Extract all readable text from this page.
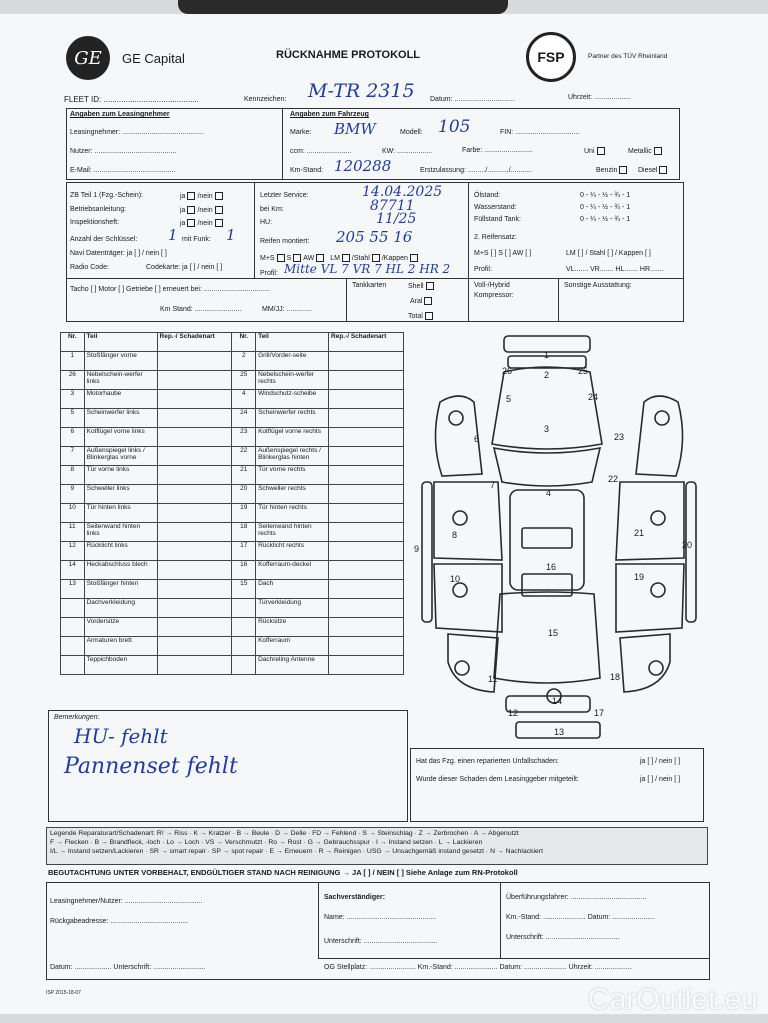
GE	GE Capital	RÜCKNAHME PROTOKOLL	FSP	Partner des TÜV Rheinland
FLEET ID: ...........................................	Kennzeichen: M-TR 2315 Datum: ...............................	Uhrzeit: ...................
Angaben zum Leasingnehmer
Leasingnehmer: ..........................................
Nutzer: ..........................................
E-Mail: ..........................................
Angaben zum Fahrzeug
Marke: BMW	Modell: 105	FIN: .................................
ccm: .......................	KW: ..................	Farbe: .........................	Uni	Metallic
Km-Stand: 120288	Erstzulassung: ........./.........../...........	Benzin	Diesel
ZB Teil 1 (Fzg.-Schein):
Betriebsanleitung:
Inspektionsheft:
ja /nein
ja /nein
ja /nein
Anzahl der Schlüssel: 1 mit Funk: 1
Navi Datenträger: ja [ ] / nein [ ]
Radio Code:	Codekarte: ja [ ] / nein [ ]
Letzter Service:	14.04.2025
bei Km:	87711
HU:	11/25
Reifen montiert: 205 55 16
M+S S AW LM /Stahl /Kappen
Profil: Mitte VL 7 VR 7 HL 2 HR 2
Ölstand:	0 - ¼ - ½ - ¾ - 1
Wasserstand:	0 - ¼ - ½ - ¾ - 1
Füllstand Tank:	0 - ¼ - ½ - ¾ - 1
2. Reifensatz:
M+S [ ] S [ ] AW [ ]	LM [ ] / Stahl [ ] / Kappen [ ]
Profil:	VL....... VR....... HL....... HR.......
Tacho [ ] Motor [ ] Getriebe [ ] erneuert bei: ..................................
Km Stand: ........................	MM/JJ: .............
Tankkarten	Shell
Aral
Total
Voll-/Hybrid
Kompressor:
Sonstige Ausstattung:
Nr.	Teil	Rep.-/ Schadenart	Nr.	Teil	Rep.-/ Schadenart
1	Stoßfänger vorne		2	Grill/Vorder-seite	
26	Nebelschein-werfer links		25	Nebelschein-werfer rechts	
3	Motorhaube		4	Windschutz-scheibe	
5	Scheinwerfer links		24	Scheinwerfer rechts	
6	Kotflügel vorne links		23	Kotflügel vorne rechts	
7	Außenspiegel links / Blinkerglas vorne		22	Außenspiegel rechts / Blinkerglas hinten	
8	Tür vorne links		21	Tür vorne rechts	
9	Schweller links		20	Schweller rechts	
10	Tür hinten links		19	Tür hinten rechts	
11	Seitenwand hinten links		18	Seitenwand hinten rechts	
12	Rücklicht links		17	Rücklicht rechts	
14	Heckabschluss blech		16	Kofferraum-deckel	
13	Stoßfänger hinten		15	Dach	
	Dachverkleidung			Türverkleidung	
	Vordersitze			Rücksitze	
	Armaturen brett			Kofferraum	
	Teppichboden			Dachreling Antenne	
1
26	25
2
5	24
3
6	23
7
22
4
8	21
9	20
16
10	19
15
11	18
12
14
17
13
Bemerkungen:
HU- fehlt
Pannenset fehlt	Hat das Fzg. einen reparierten Unfallschaden:	ja [ ] / nein [ ]
Wurde dieser Schaden dem Leasinggeber mitgeteilt:	ja [ ] / nein [ ]
Legende Reparaturart/Schadenart: R! → Riss · K → Kratzer · B → Beule · D → Delle · FD → Fehlend · S → Steinschlag · Z → Zerbrochen · A → Abgenutzt
F → Flecken · B → Brandfleck, -loch · Lo → Loch · VS → Verschmutzt · Ro → Rost · G → Gebrauchsspur · I → Instand setzen · L → Lackieren
I/L → Instand setzen/Lackieren · SR → smart repair · SP → spot repair · E → Erneuern · R → Reinigen · USG → Unsachgemäß instand gesetzt · N → Nachlackiert
BEGUTACHTUNG UNTER VORBEHALT, ENDGÜLTIGER STAND NACH REINIGUNG → JA [ ] / NEIN [ ] Siehe Anlage zum RN-Protokoll
Leasingnehmer/Nutzer: ........................................
Rückgabeadresse: ........................................
Datum: ................... Unterschrift: ...........................
Sachverständiger:
Name: ..............................................
Unterschrift: ......................................
Überführungsfahrer: .......................................
Km.-Stand: ...................... Datum: ......................
Unterschrift: ......................................
OG Stellplatz: ........................ Km.-Stand: ...................... Datum: ...................... Uhrzeit: ...................
ISP 2015-18-07	CarOutlet.eu
